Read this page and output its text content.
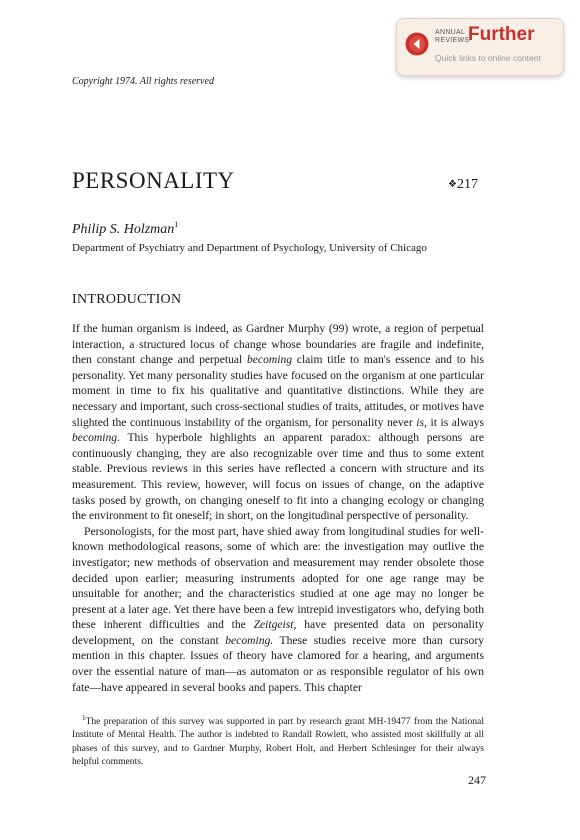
ANNUAL
REVIEWS
Further
Quick links to online content
Copyright 1974. All rights reserved
PERSONALITY	❖217
Philip S. Holzman$^1$
Department of Psychiatry and Department of Psychology, University of Chicago
INTRODUCTION

If the human organism is indeed, as Gardner Murphy (99) wrote, a region of perpetual interaction, a structured locus of change whose boundaries are fragile and indefinite, then constant change and perpetual becoming claim title to man's essence and to his personality. Yet many personality studies have focused on the organism at one particular moment in time to fix his qualitative and quantitative distinctions. While they are necessary and important, such cross-sectional studies of traits, attitudes, or motives have slighted the continuous instability of the organism, for personality never is, it is always becoming. This hyperbole highlights an apparent paradox: although persons are continuously changing, they are also recognizable over time and thus to some extent stable. Previous reviews in this series have reflected a concern with structure and its measurement. This review, however, will focus on issues of change, on the adaptive tasks posed by growth, on changing oneself to fit into a changing ecology or changing the environment to fit oneself; in short, on the longitudinal perspective of personality.

Personologists, for the most part, have shied away from longitudinal studies for well-known methodological reasons, some of which are: the investigation may outlive the investigator; new methods of observation and measurement may render obsolete those decided upon earlier; measuring instruments adopted for one age range may be unsuitable for another; and the characteristics studied at one age may no longer be present at a later age. Yet there have been a few intrepid investigators who, defying both these inherent difficulties and the Zeitgeist, have presented data on personality development, on the constant becoming. These studies receive more than cursory mention in this chapter. Issues of theory have clamored for a hearing, and arguments over the essential nature of man—as automaton or as responsible regulator of his own fate—have appeared in several books and papers. This chapter

$^1$The preparation of this survey was supported in part by research grant MH-19477 from the National Institute of Mental Health. The author is indebted to Randall Rowlett, who assisted most skillfully at all phases of this survey, and to Gardner Murphy, Robert Holt, and Herbert Schlesinger for their always helpful comments.
247
